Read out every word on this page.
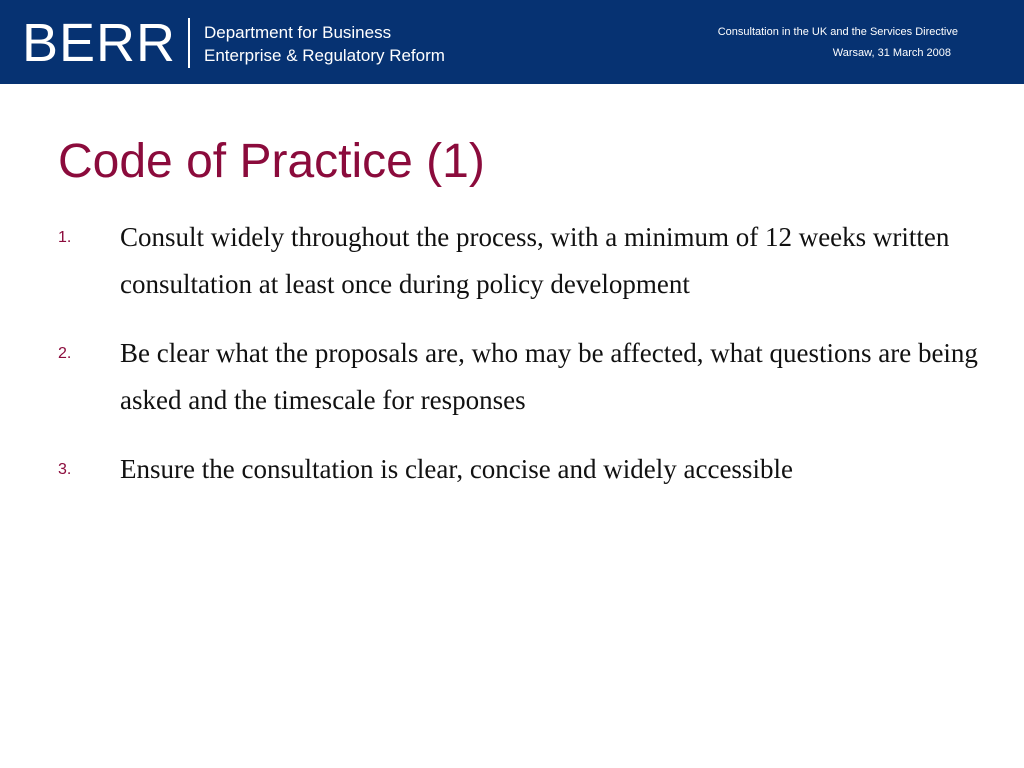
BERR Department for Business
Enterprise & Regulatory Reform
Consultation in the UK and the Services Directive
Warsaw, 31 March 2008
Code of Practice (1)
1.	Consult widely throughout the process, with a minimum of 12 weeks written consultation at least once during policy development
2.	Be clear what the proposals are, who may be affected, what questions are being asked and the timescale for responses
3.	Ensure the consultation is clear, concise and widely accessible
